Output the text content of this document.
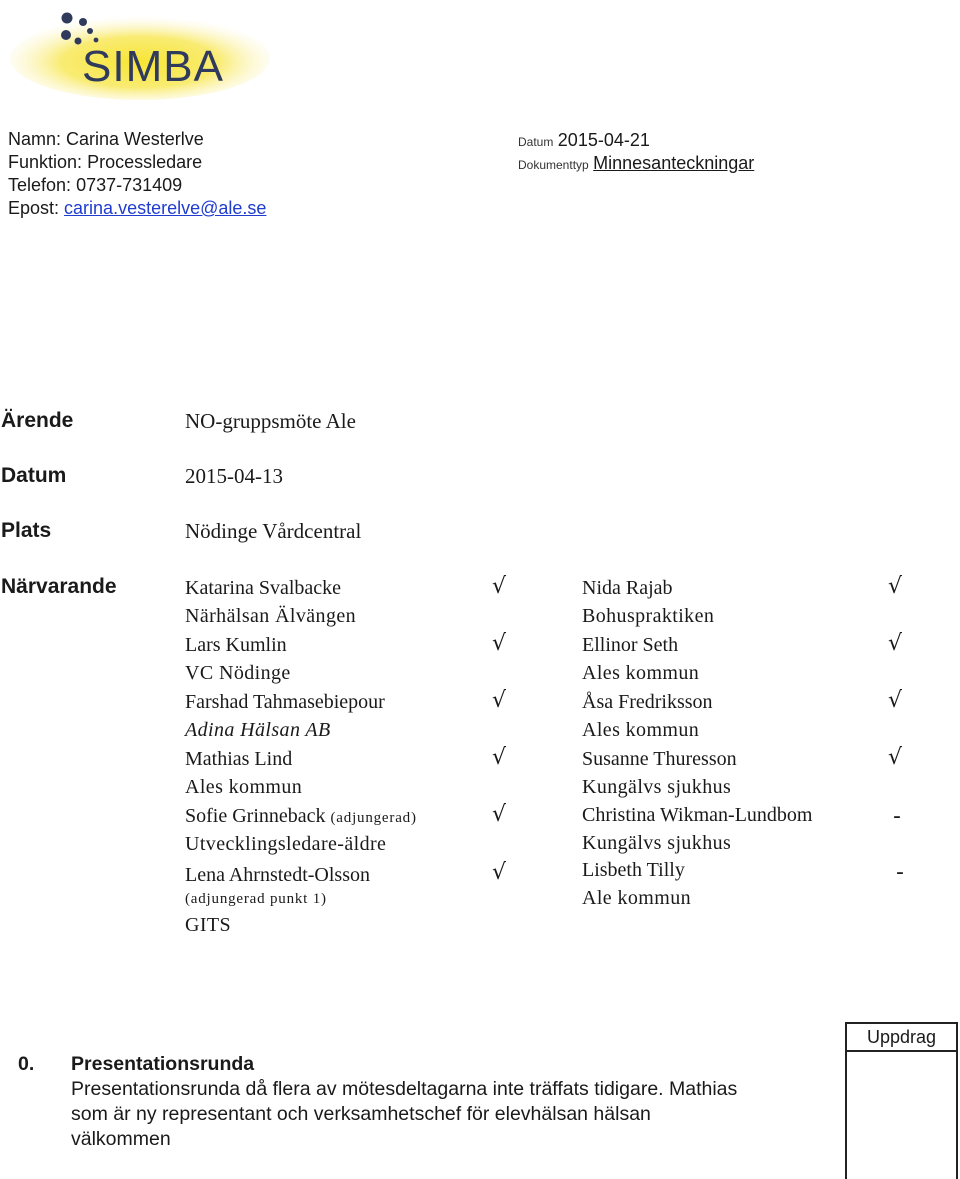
SIMBA
Namn: Carina Westerlve
Funktion: Processledare
Telefon: 0737-731409
Epost: carina.vesterelve@ale.se
Datum 2015-04-21
Dokumenttyp Minnesanteckningar
Ärende	NO-gruppsmöte Ale
Datum	2015-04-13
Plats	Nödinge Vårdcentral
Närvarande	Katarina Svalbacke	√
Närhälsan Älvängen
Lars Kumlin	√
VC Nödinge
Farshad Tahmasebiepour	√
Adina Hälsan AB
Mathias Lind	√
Ales kommun
Sofie Grinneback (adjungerad)	√
Utvecklingsledare-äldre
Lena Ahrnstedt-Olsson	√
(adjungerad punkt 1)
GITS
Nida Rajab	√
Bohuspraktiken
Ellinor Seth	√
Ales kommun
Åsa Fredriksson	√
Ales kommun
Susanne Thuresson	√
Kungälvs sjukhus
Christina Wikman-Lundbom	-
Kungälvs sjukhus
Lisbeth Tilly	-
Ale kommun
Uppdrag
0. Presentationsrunda
Presentationsrunda då flera av mötesdeltagarna inte träffats tidigare. Mathias
som är ny representant och verksamhetschef för elevhälsan hälsan
välkommen
